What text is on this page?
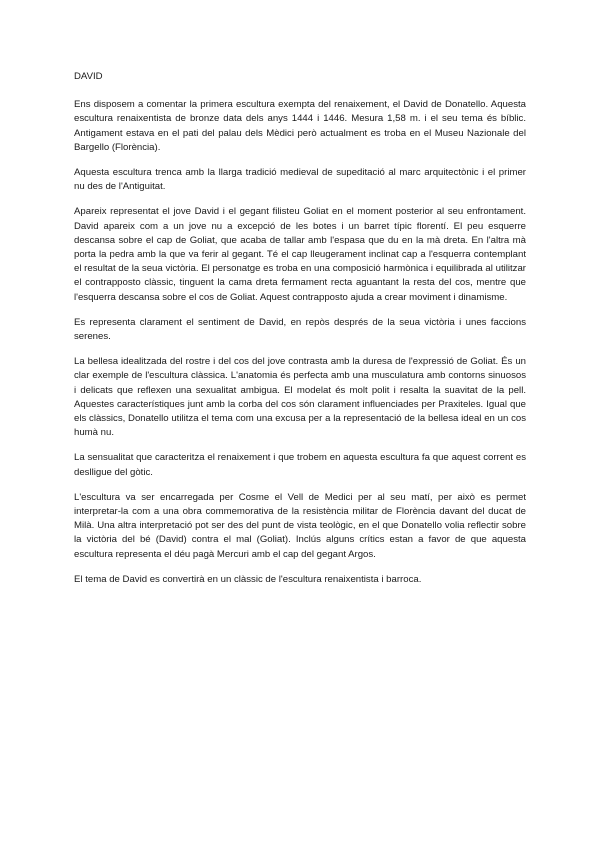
DAVID

Ens disposem a comentar la primera escultura exempta del renaixement, el David de Donatello. Aquesta escultura renaixentista de bronze data dels anys 1444 i 1446. Mesura 1,58 m. i el seu tema és bíblic. Antigament estava en el pati del palau dels Mèdici però actualment es troba en el Museu Nazionale del Bargello (Florència).

Aquesta escultura trenca amb la llarga tradició medieval de supeditació al marc arquitectònic i el primer nu des de l'Antiguitat.

Apareix representat el jove David i el gegant filisteu Goliat en el moment posterior al seu enfrontament. David apareix com a un jove nu a excepció de les botes i un barret típic florentí. El peu esquerre descansa sobre el cap de Goliat, que acaba de tallar amb l'espasa que du en la mà dreta. En l'altra mà porta la pedra amb la que va ferir al gegant. Té el cap lleugerament inclinat cap a l'esquerra contemplant el resultat de la seua victòria. El personatge es troba en una composició harmònica i equilibrada al utilitzar el contrapposto clàssic, tinguent la cama dreta fermament recta aguantant la resta del cos, mentre que l'esquerra descansa sobre el cos de Goliat. Aquest contrapposto ajuda a crear moviment i dinamisme.

Es representa clarament el sentiment de David, en repòs després de la seua victòria i unes faccions serenes.

La bellesa idealitzada del rostre i del cos del jove contrasta amb la duresa de l'expressió de Goliat. És un clar exemple de l'escultura clàssica. L'anatomia és perfecta amb una musculatura amb contorns sinuosos i delicats que reflexen una sexualitat ambigua. El modelat és molt polit i resalta la suavitat de la pell. Aquestes característiques junt amb la corba del cos són clarament influenciades per Praxiteles. Igual que els clàssics, Donatello utilitza el tema com una excusa per a la representació de la bellesa ideal en un cos humà nu.

La sensualitat que caracteritza el renaixement i que trobem en aquesta escultura fa que aquest corrent es deslligue del gòtic.

L'escultura va ser encarregada per Cosme el Vell de Medici per al seu matí, per això es permet interpretar-la com a una obra commemorativa de la resistència militar de Florència davant del ducat de Milà. Una altra interpretació pot ser des del punt de vista teològic, en el que Donatello volia reflectir sobre la victòria del bé (David) contra el mal (Goliat). Inclús alguns crítics estan a favor de que aquesta escultura representa el déu pagà Mercuri amb el cap del gegant Argos.

El tema de David es convertirà en un clàssic de l'escultura renaixentista i barroca.
